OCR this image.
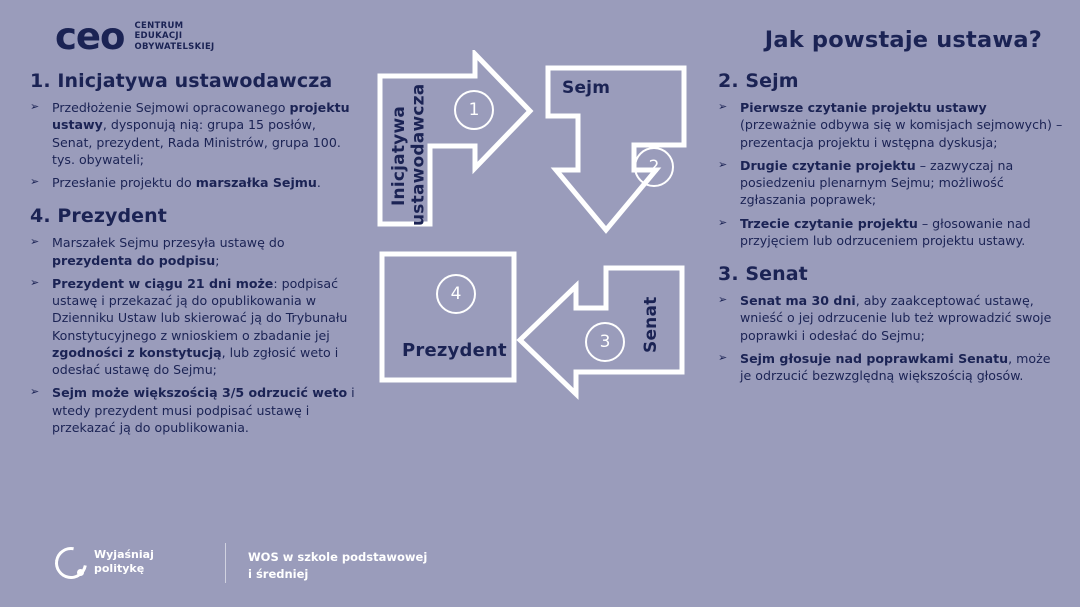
ceo CENTRUM EDUKACJI OBYWATELSKIEJ	Jak powstaje ustawa?
1. Inicjatywa ustawodawcza
➢ Przedłożenie Sejmowi opracowanego projektu ustawy, dysponują nią: grupa 15 posłów, Senat, prezydent, Rada Ministrów, grupa 100. tys. obywateli;
➢ Przesłanie projektu do marszałka Sejmu.
4. Prezydent
➢ Marszałek Sejmu przesyła ustawę do prezydenta do podpisu;
➢ Prezydent w ciągu 21 dni może: podpisać ustawę i przekazać ją do opublikowania w Dzienniku Ustaw lub skierować ją do Trybunału Konstytucyjnego z wnioskiem o zbadanie jej zgodności z konstytucją, lub zgłosić weto i odesłać ustawę do Sejmu;
➢ Sejm może większością 3/5 odrzucić weto i wtedy prezydent musi podpisać ustawę i przekazać ją do opublikowania.
2. Sejm
➢ Pierwsze czytanie projektu ustawy (przeważnie odbywa się w komisjach sejmowych) – prezentacja projektu i wstępna dyskusja;
➢ Drugie czytanie projektu – zazwyczaj na posiedzeniu plenarnym Sejmu; możliwość zgłaszania poprawek;
➢ Trzecie czytanie projektu – głosowanie nad przyjęciem lub odrzuceniem projektu ustawy.
3. Senat
➢ Senat ma 30 dni, aby zaakceptować ustawę, wnieść o jej odrzucenie lub też wprowadzić swoje poprawki i odesłać do Sejmu;
➢ Sejm głosuje nad poprawkami Senatu, może je odrzucić bezwzględną większością głosów.
Inicjatywa ustawodawcza	Sejm
Senat
Prezydent
1
2
3
4
Wyjaśniaj
politykę
WOS w szkole podstawowej
i średniej
